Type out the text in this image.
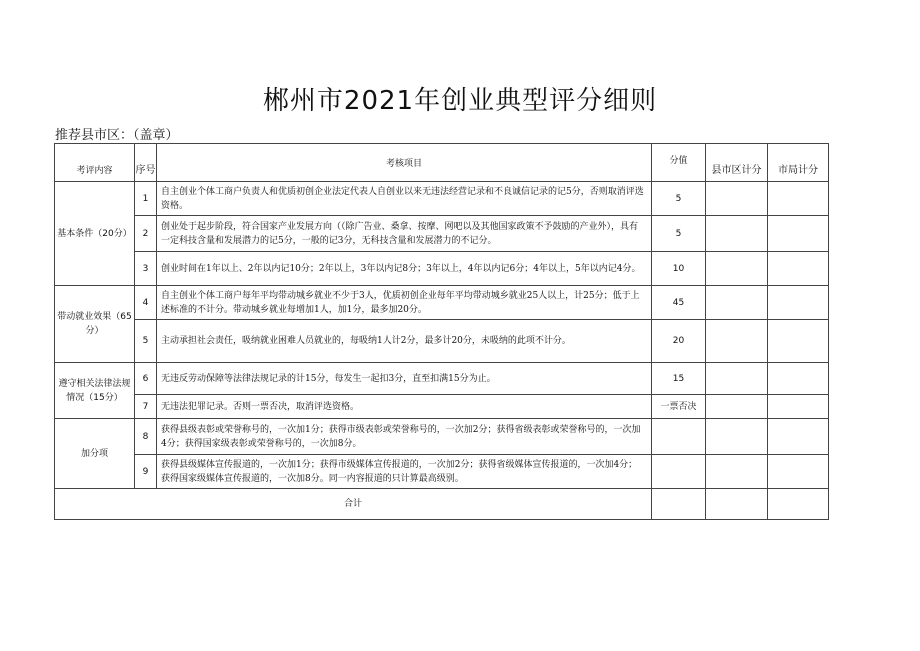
郴州市2021年创业典型评分细则
推荐县市区：（盖章）
考评内容	序号	考核项目	分值	县市区计分	市局计分
基本条件（20分）	1	自主创业个体工商户负责人和优质初创企业法定代表人自创业以来无违法经营记录和不良诚信记录的记5分，否则取消评选资格。	5		
	2	创业处于起步阶段，符合国家产业发展方向（（除广告业、桑拿、按摩、网吧以及其他国家政策不予鼓励的产业外），具有一定科技含量和发展潜力的记5分，一般的记3分，无科技含量和发展潜力的不记分。	5		
	3	创业时间在1年以上、2年以内记10分；2年以上，3年以内记8分；3年以上，4年以内记6分；4年以上，5年以内记4分。	10		
带动就业效果（65分）	4	自主创业个体工商户每年平均带动城乡就业不少于3人，优质初创企业每年平均带动城乡就业25人以上，计25分；低于上述标准的不计分。带动城乡就业每增加1人，加1分，最多加20分。	45		
	5	主动承担社会责任，吸纳就业困难人员就业的，每吸纳1人计2分，最多计20分，未吸纳的此项不计分。	20		
遵守相关法律法规情况（15分）	6	无违反劳动保障等法律法规记录的计15分，每发生一起扣3分，直至扣满15分为止。	15		
	7	无违法犯罪记录。否则一票否决，取消评选资格。	一票否决		
加分项	8	获得县级表彰或荣誉称号的，一次加1分；获得市级表彰或荣誉称号的，一次加2分；获得省级表彰或荣誉称号的，一次加4分；获得国家级表彰或荣誉称号的，一次加8分。			
	9	获得县级媒体宣传报道的，一次加1分；获得市级媒体宣传报道的，一次加2分；获得省级媒体宣传报道的，一次加4分；获得国家级媒体宣传报道的，一次加8分。同一内容报道的只计算最高级别。			
合计					
